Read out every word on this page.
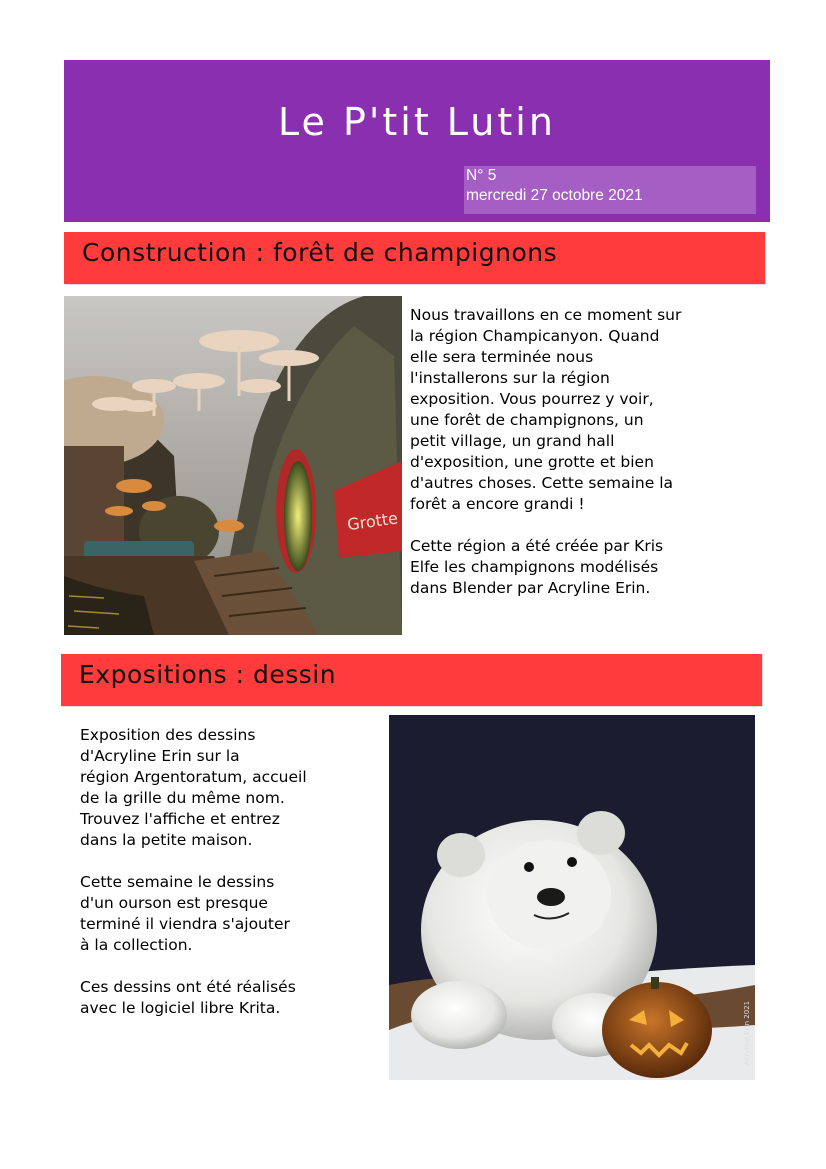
Le P'tit Lutin
N° 5
mercredi 27 octobre 2021
Construction : forêt de champignons
Grotte

Nous travaillons en ce moment sur
la région Champicanyon. Quand
elle sera terminée nous
l'installerons sur la région
exposition. Vous pourrez y voir,
une forêt de champignons, un
petit village, un grand hall
d'exposition, une grotte et bien
d'autres choses. Cette semaine la
forêt a encore grandi !

Cette région a été créée par Kris
Elfe les champignons modélisés
dans Blender par Acryline Erin.

Expositions : dessin

Exposition des dessins
d'Acryline Erin sur la
région Argentoratum, accueil
de la grille du même nom.
Trouvez l'affiche et entrez
dans la petite maison.

Cette semaine le dessins
d'un ourson est presque
terminé il viendra s'ajouter
à la collection.

Ces dessins ont été réalisés
avec le logiciel libre Krita.	Acryline Erin 2021
